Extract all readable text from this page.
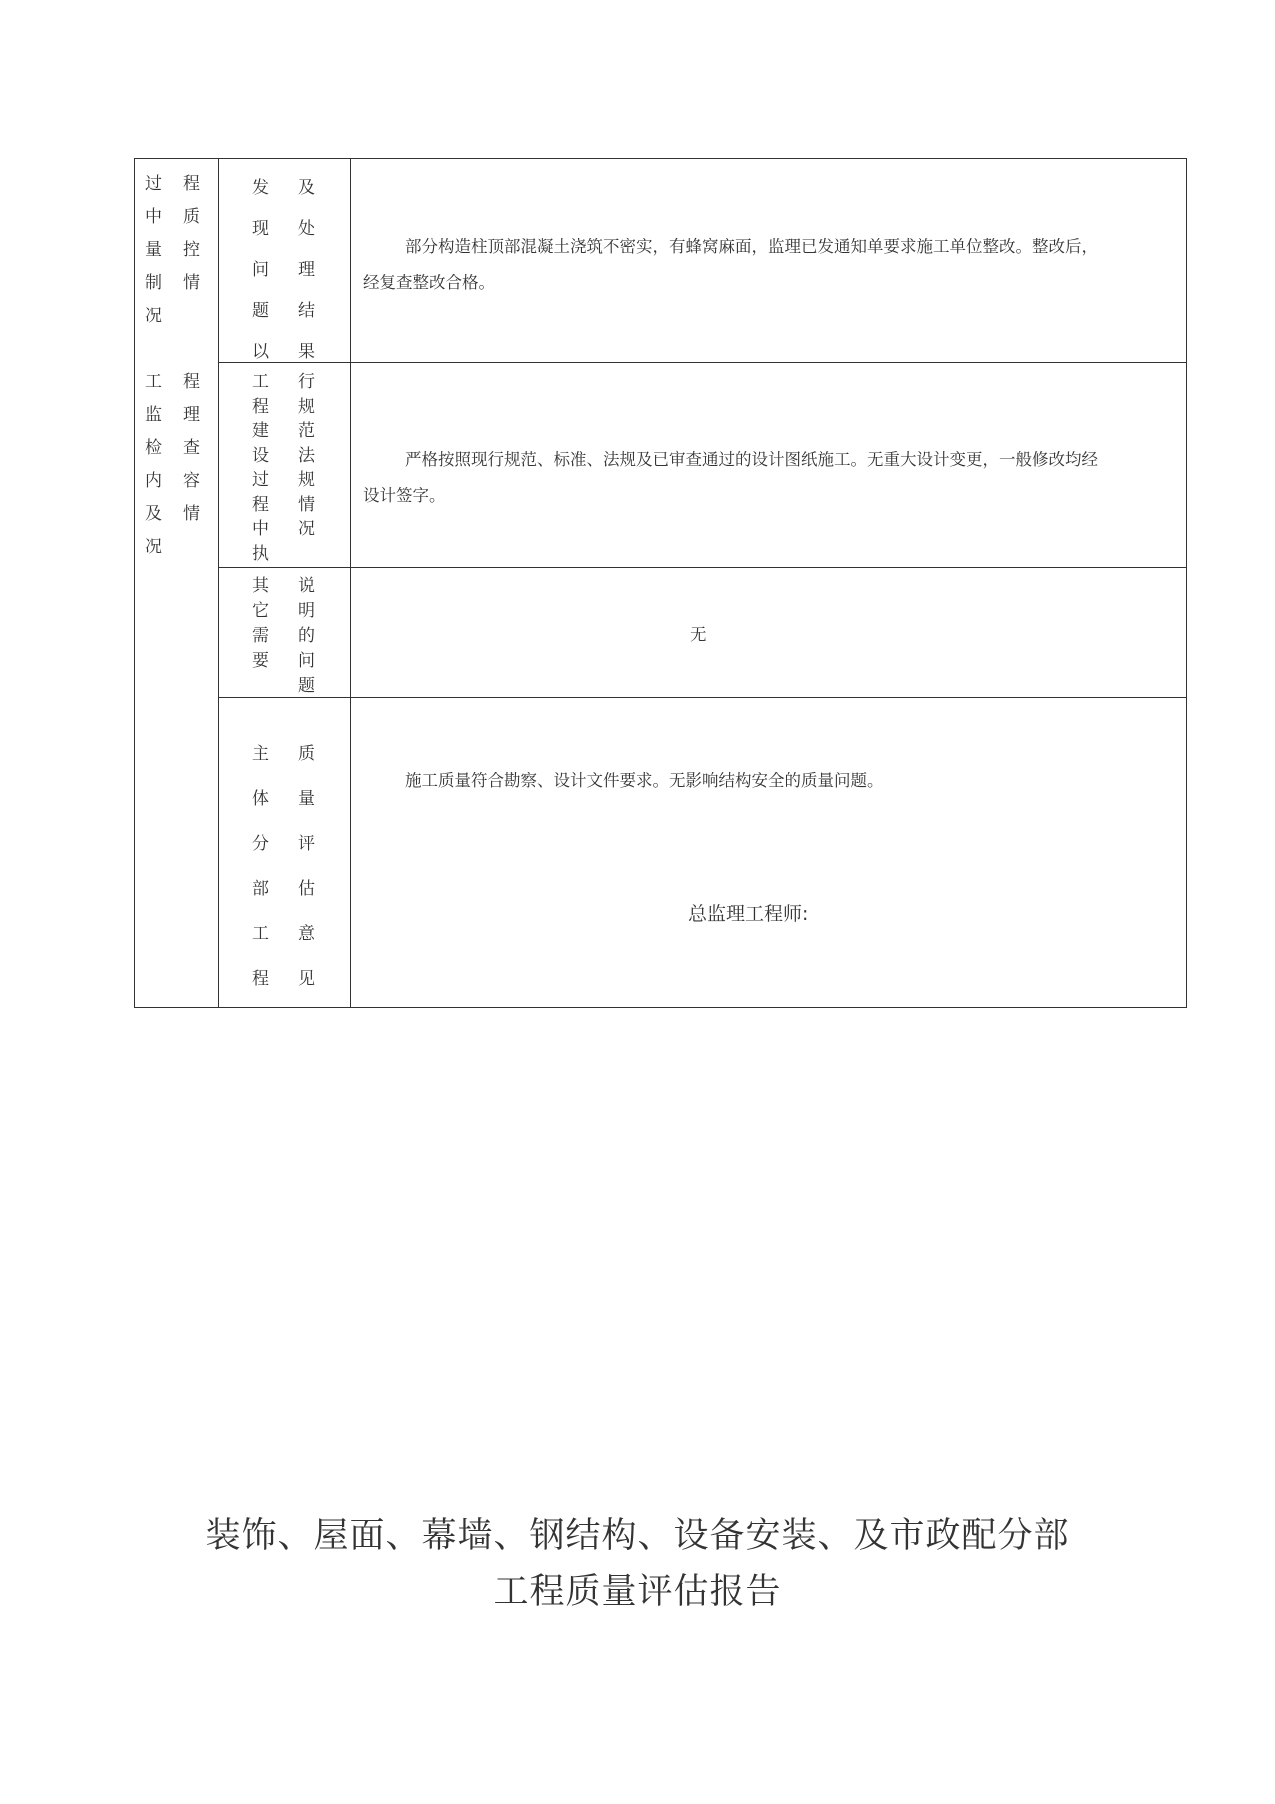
过
中
量
制
况
工
监
检
内
及
况
程
质
控
情
程
理
查
容
情
发
现
问
题
以
及
处
理
结
果
部分构造柱顶部混凝土浇筑不密实，有蜂窝麻面，监理已发通知单要求施工单位整改。整改后，经复查整改合格。
工
程
建
设
过
程
中
执
行
规
范
法
规
情
况
严格按照现行规范、标准、法规及已审查通过的设计图纸施工。无重大设计变更，一般修改均经设计签字。
其
它
需
要
说
明
的
问
题
无
主
体
分
部
工
程
质
量
评
估
意
见
施工质量符合勘察、设计文件要求。无影响结构安全的质量问题。
总监理工程师:
装饰、屋面、幕墙、钢结构、设备安装、及市政配分部
工程质量评估报告
